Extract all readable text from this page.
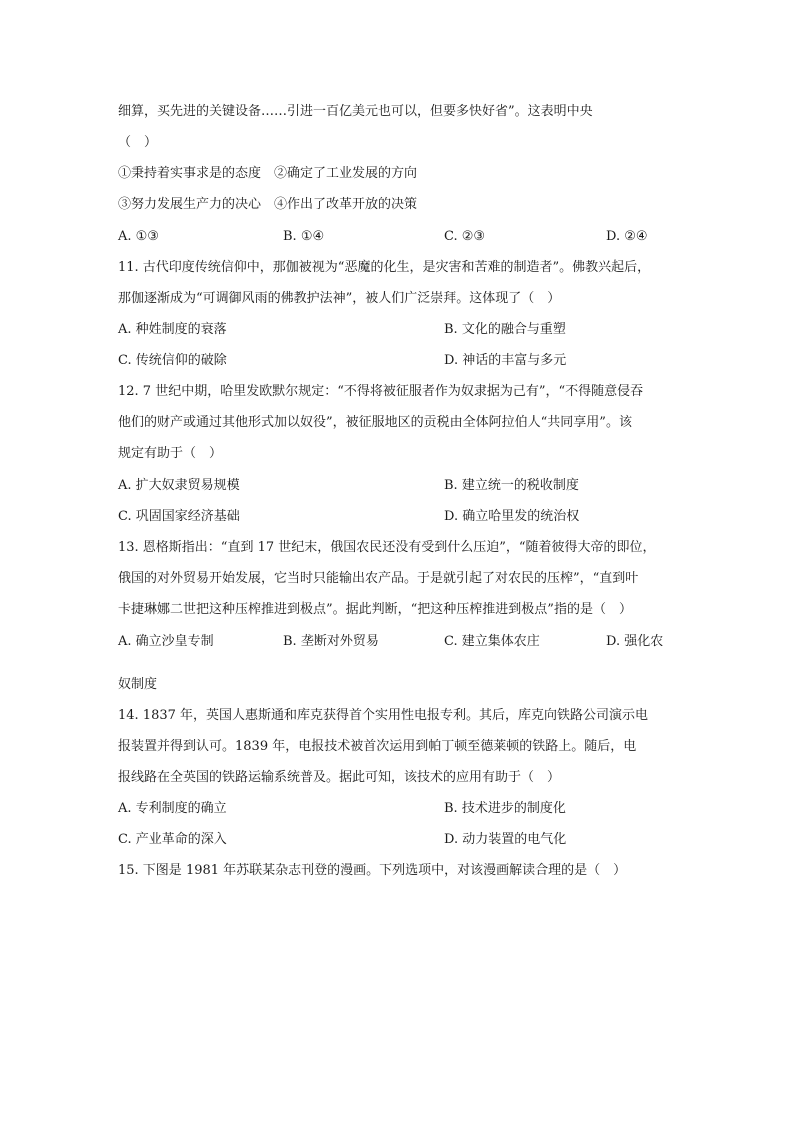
细算，买先进的关键设备……引进一百亿美元也可以，但要多快好省”。这表明中央
（　）
①秉持着实事求是的态度　②确定了工业发展的方向
③努力发展生产力的决心　④作出了改革开放的决策
A. ①③	B. ①④	C. ②③	D. ②④
11. 古代印度传统信仰中，那伽被视为“恶魔的化生，是灾害和苦难的制造者”。佛教兴起后，
那伽逐渐成为“可调御风雨的佛教护法神”，被人们广泛崇拜。这体现了（　）
A. 种姓制度的衰落	B. 文化的融合与重塑
C. 传统信仰的破除	D. 神话的丰富与多元
12. 7 世纪中期，哈里发欧默尔规定：“不得将被征服者作为奴隶据为己有”，“不得随意侵吞
他们的财产或通过其他形式加以奴役”，被征服地区的贡税由全体阿拉伯人“共同享用”。该
规定有助于（　）
A. 扩大奴隶贸易规模	B. 建立统一的税收制度
C. 巩固国家经济基础	D. 确立哈里发的统治权
13. 恩格斯指出：“直到 17 世纪末，俄国农民还没有受到什么压迫”，“随着彼得大帝的即位，
俄国的对外贸易开始发展，它当时只能输出农产品。于是就引起了对农民的压榨”，“直到叶
卡捷琳娜二世把这种压榨推进到极点”。据此判断，“把这种压榨推进到极点”指的是（　）
A. 确立沙皇专制	B. 垄断对外贸易	C. 建立集体农庄	D. 强化农
奴制度
14. 1837 年，英国人惠斯通和库克获得首个实用性电报专利。其后，库克向铁路公司演示电
报装置并得到认可。1839 年，电报技术被首次运用到帕丁顿至德莱顿的铁路上。随后，电
报线路在全英国的铁路运输系统普及。据此可知，该技术的应用有助于（　）
A. 专利制度的确立	B. 技术进步的制度化
C. 产业革命的深入	D. 动力装置的电气化
15. 下图是 1981 年苏联某杂志刊登的漫画。下列选项中，对该漫画解读合理的是（　）
